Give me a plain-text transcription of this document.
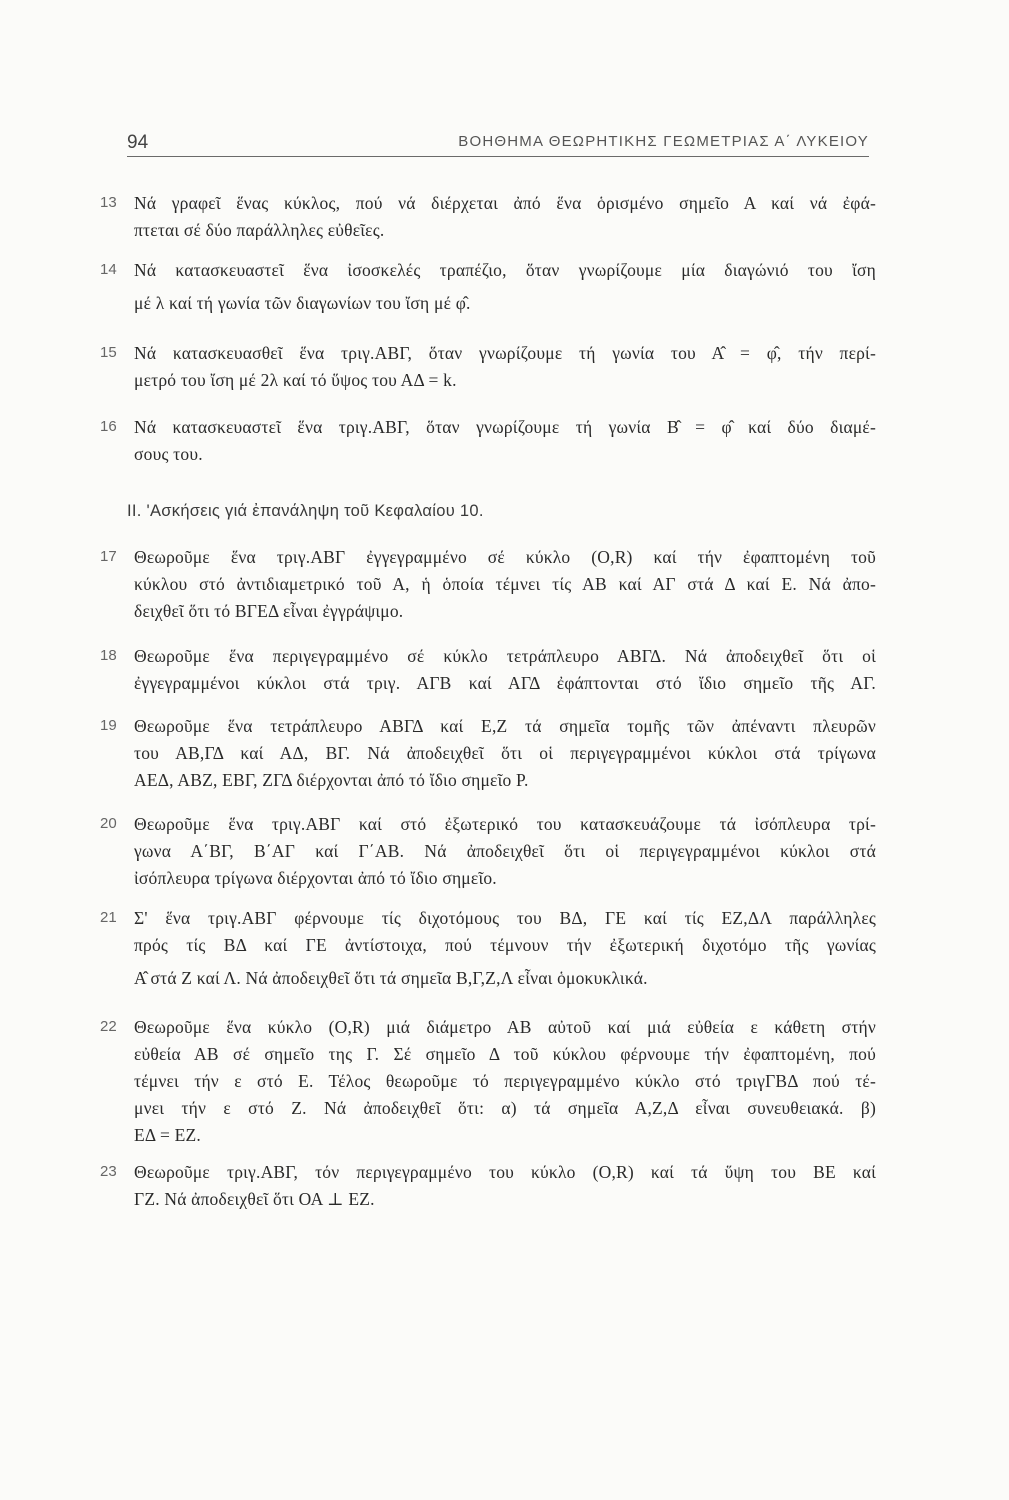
94	ΒΟΗΘΗΜΑ ΘΕΩΡΗΤΙΚΗΣ ΓΕΩΜΕΤΡΙΑΣ Α΄ ΛΥΚΕΙΟΥ
13 Νά γραφεῖ ἕνας κύκλος, πού νά διέρχεται ἀπό ἕνα ὁρισμένο σημεῖο Α καί νά ἐφά-
πτεται σέ δύο παράλληλες εὐθεῖες.

14 Νά κατασκευαστεῖ ἕνα ἰσοσκελές τραπέζιο, ὅταν γνωρίζουμε μία διαγώνιό του ἴση
μέ λ καί τή γωνία τῶν διαγωνίων του ἴση μέ φ̂.

15 Νά κατασκευασθεῖ ἕνα τριγ.ΑΒΓ, ὅταν γνωρίζουμε τή γωνία του Α̂ = φ̂, τήν περί-
μετρό του ἴση μέ 2λ καί τό ὕψος του ΑΔ = k.

16 Νά κατασκευαστεῖ ἕνα τριγ.ΑΒΓ, ὅταν γνωρίζουμε τή γωνία Β̂ = φ̂ καί δύο διαμέ-
σους του.

ΙΙ. 'Ασκήσεις γιά ἐπανάληψη τοῦ Κεφαλαίου 10.
17 Θεωροῦμε ἕνα τριγ.ΑΒΓ ἐγγεγραμμένο σέ κύκλο (Ο,R) καί τήν ἐφαπτομένη τοῦ
κύκλου στό ἀντιδιαμετρικό τοῦ Α, ἡ ὁποία τέμνει τίς ΑΒ καί ΑΓ στά Δ καί Ε. Νά ἀπο-
δειχθεῖ ὅτι τό ΒΓΕΔ εἶναι ἐγγράψιμο.

18 Θεωροῦμε ἕνα περιγεγραμμένο σέ κύκλο τετράπλευρο ΑΒΓΔ. Νά ἀποδειχθεῖ ὅτι οἱ
ἐγγεγραμμένοι κύκλοι στά τριγ. ΑΓΒ καί ΑΓΔ ἐφάπτονται στό ἴδιο σημεῖο τῆς ΑΓ.

19 Θεωροῦμε ἕνα τετράπλευρο ΑΒΓΔ καί Ε,Ζ τά σημεῖα τομῆς τῶν ἀπέναντι πλευρῶν
του ΑΒ,ΓΔ καί ΑΔ, ΒΓ. Νά ἀποδειχθεῖ ὅτι οἱ περιγεγραμμένοι κύκλοι στά τρίγωνα
ΑΕΔ, ΑΒΖ, ΕΒΓ, ΖΓΔ διέρχονται ἀπό τό ἴδιο σημεῖο Ρ.

20 Θεωροῦμε ἕνα τριγ.ΑΒΓ καί στό ἐξωτερικό του κατασκευάζουμε τά ἰσόπλευρα τρί-
γωνα Α΄ΒΓ, Β΄ΑΓ καί Γ΄ΑΒ. Νά ἀποδειχθεῖ ὅτι οἱ περιγεγραμμένοι κύκλοι στά
ἰσόπλευρα τρίγωνα διέρχονται ἀπό τό ἴδιο σημεῖο.

21 Σ' ἕνα τριγ.ΑΒΓ φέρνουμε τίς διχοτόμους του ΒΔ, ΓΕ καί τίς ΕΖ,ΔΛ παράλληλες
πρός τίς ΒΔ καί ΓΕ ἀντίστοιχα, πού τέμνουν τήν ἐξωτερική διχοτόμο τῆς γωνίας
Α̂ στά Ζ καί Λ. Νά ἀποδειχθεῖ ὅτι τά σημεῖα Β,Γ,Ζ,Λ εἶναι ὁμοκυκλικά.

22 Θεωροῦμε ἕνα κύκλο (Ο,R) μιά διάμετρο ΑΒ αὐτοῦ καί μιά εὐθεία ε κάθετη στήν
εὐθεία ΑΒ σέ σημεῖο της Γ. Σέ σημεῖο Δ τοῦ κύκλου φέρνουμε τήν ἐφαπτομένη, πού
τέμνει τήν ε στό Ε. Τέλος θεωροῦμε τό περιγεγραμμένο κύκλο στό τριγΓΒΔ πού τέ-
μνει τήν ε στό Ζ. Νά ἀποδειχθεῖ ὅτι: α) τά σημεῖα Α,Ζ,Δ εἶναι συνευθειακά. β)
ΕΔ = ΕΖ.

23 Θεωροῦμε τριγ.ΑΒΓ, τόν περιγεγραμμένο του κύκλο (Ο,R) καί τά ὕψη του ΒΕ καί
ΓΖ. Νά ἀποδειχθεῖ ὅτι ΟΑ ⊥ ΕΖ.
